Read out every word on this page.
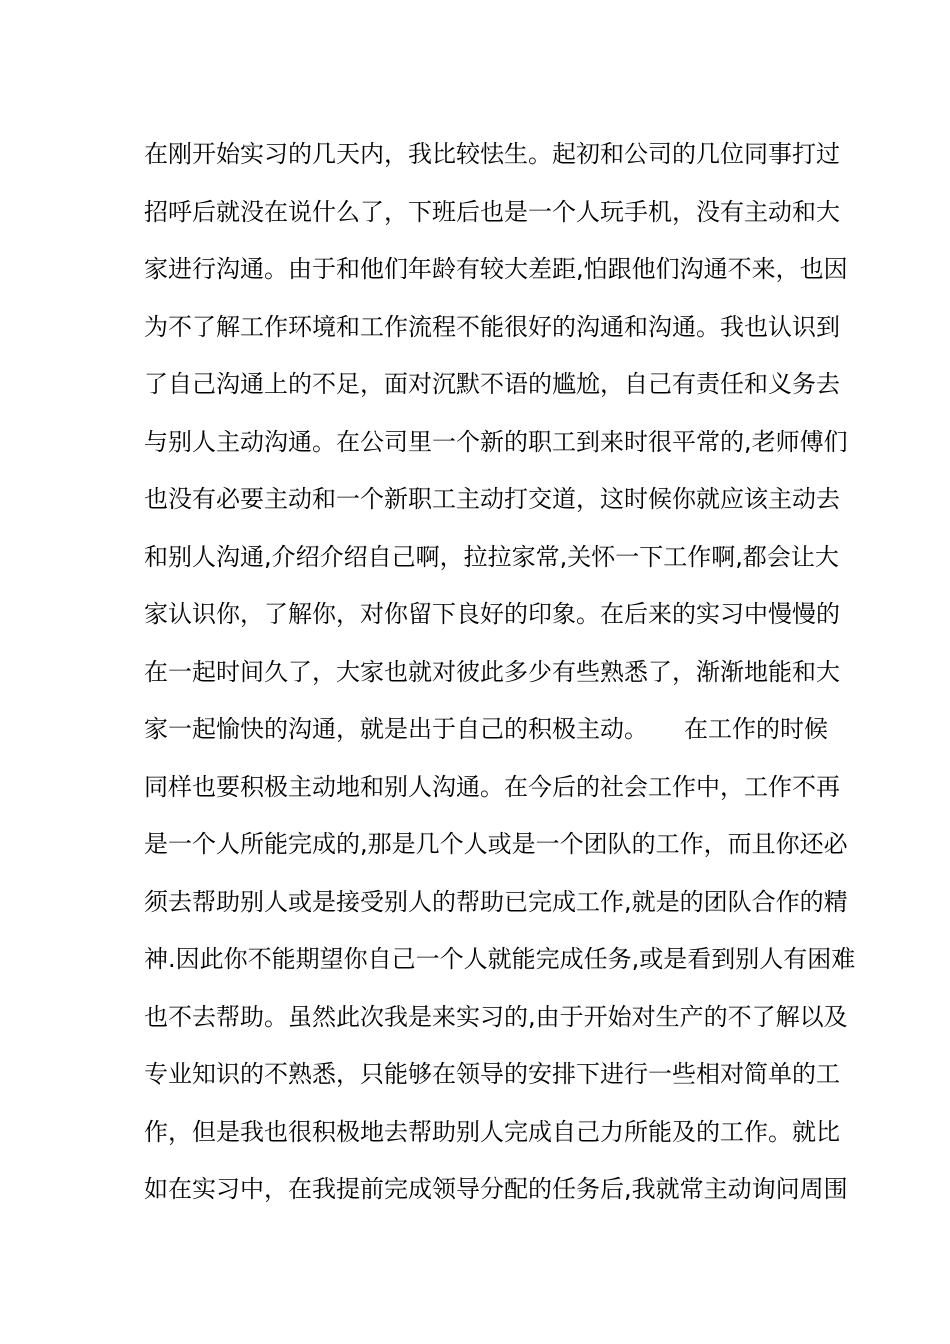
在刚开始实习的几天内，我比较怯生。起初和公司的几位同事打过
招呼后就没在说什么了，下班后也是一个人玩手机，没有主动和大
家进行沟通。由于和他们年龄有较大差距,怕跟他们沟通不来，也因
为不了解工作环境和工作流程不能很好的沟通和沟通。我也认识到
了自己沟通上的不足，面对沉默不语的尴尬，自己有责任和义务去
与别人主动沟通。在公司里一个新的职工到来时很平常的,老师傅们
也没有必要主动和一个新职工主动打交道，这时候你就应该主动去
和别人沟通,介绍介绍自己啊，拉拉家常,关怀一下工作啊,都会让大
家认识你，了解你，对你留下良好的印象。在后来的实习中慢慢的
在一起时间久了，大家也就对彼此多少有些熟悉了，渐渐地能和大
家一起愉快的沟通，就是出于自己的积极主动。　　在工作的时候
同样也要积极主动地和别人沟通。在今后的社会工作中，工作不再
是一个人所能完成的,那是几个人或是一个团队的工作，而且你还必
须去帮助别人或是接受别人的帮助已完成工作,就是的团队合作的精
神.因此你不能期望你自己一个人就能完成任务,或是看到别人有困难
也不去帮助。虽然此次我是来实习的,由于开始对生产的不了解以及
专业知识的不熟悉，只能够在领导的安排下进行一些相对简单的工
作，但是我也很积极地去帮助别人完成自己力所能及的工作。就比
如在实习中，在我提前完成领导分配的任务后,我就常主动询问周围
